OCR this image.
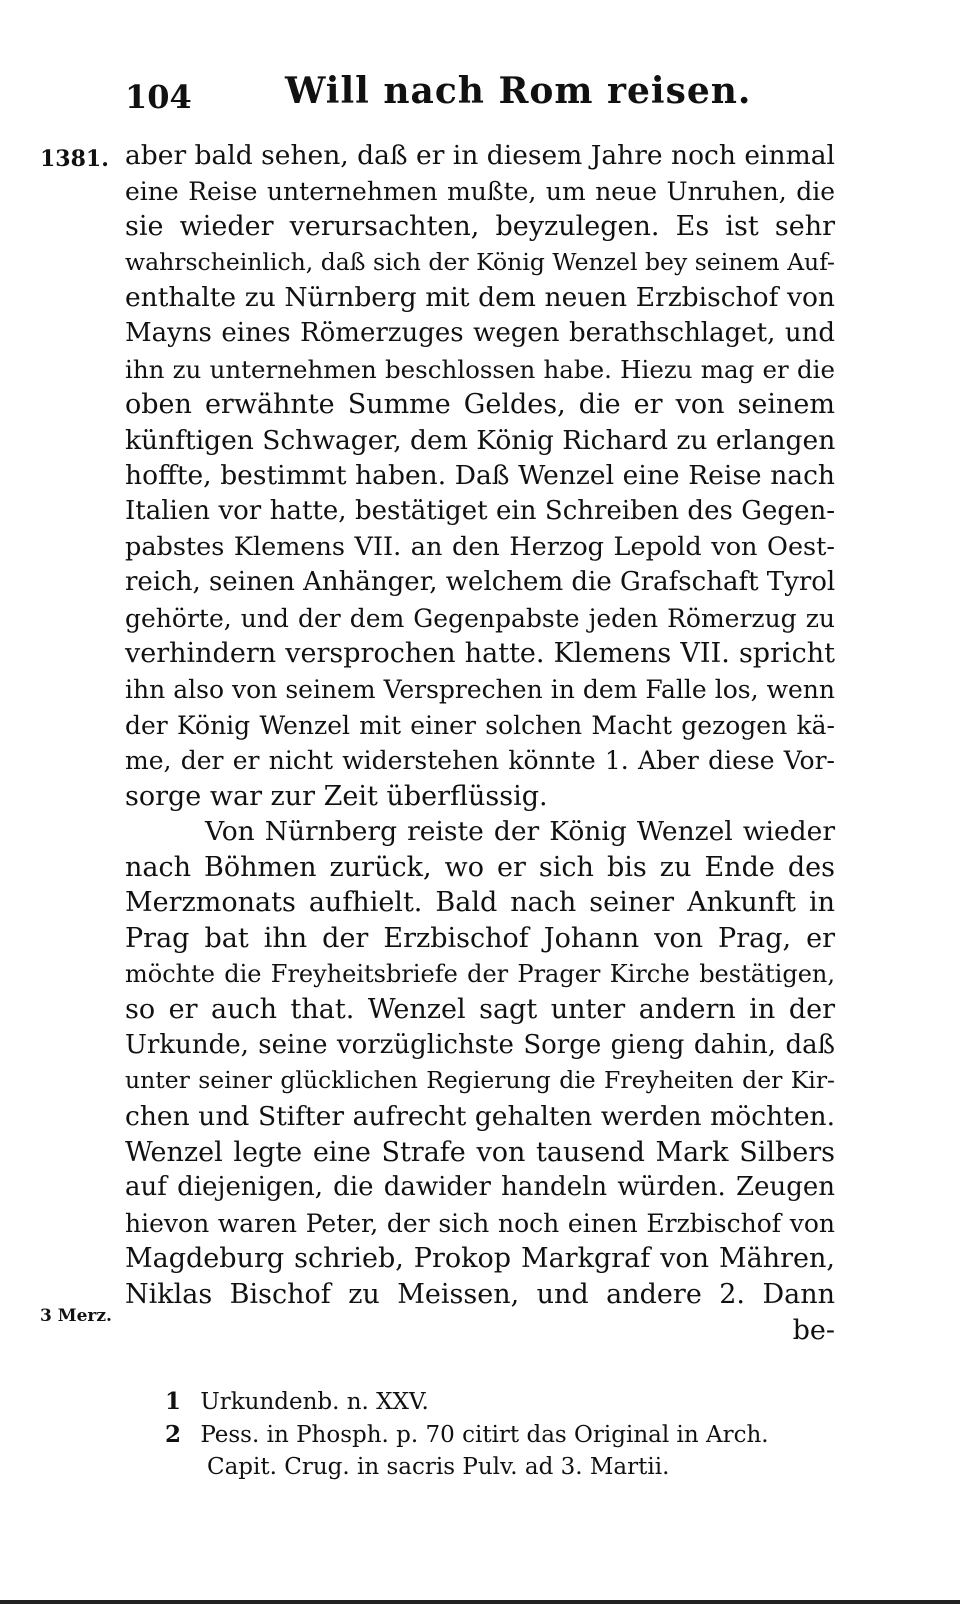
104	Will nach Rom reisen.
1381.
3 Merz.
aber bald sehen, daß er in diesem Jahre noch einmal
eine Reise unternehmen mußte, um neue Unruhen, die
sie wieder verursachten, beyzulegen. Es ist sehr
wahrscheinlich, daß sich der König Wenzel bey seinem Auf-
enthalte zu Nürnberg mit dem neuen Erzbischof von
Mayns eines Römerzuges wegen berathschlaget, und
ihn zu unternehmen beschlossen habe. Hiezu mag er die
oben erwähnte Summe Geldes, die er von seinem
künftigen Schwager, dem König Richard zu erlangen
hoffte, bestimmt haben. Daß Wenzel eine Reise nach
Italien vor hatte, bestätiget ein Schreiben des Gegen-
pabstes Klemens VII. an den Herzog Lepold von Oest-
reich, seinen Anhänger, welchem die Grafschaft Tyrol
gehörte, und der dem Gegenpabste jeden Römerzug zu
verhindern versprochen hatte. Klemens VII. spricht
ihn also von seinem Versprechen in dem Falle los, wenn
der König Wenzel mit einer solchen Macht gezogen kä-
me, der er nicht widerstehen könnte 1. Aber diese Vor-
sorge war zur Zeit überflüssig.
Von Nürnberg reiste der König Wenzel wieder
nach Böhmen zurück, wo er sich bis zu Ende des
Merzmonats aufhielt. Bald nach seiner Ankunft in
Prag bat ihn der Erzbischof Johann von Prag, er
möchte die Freyheitsbriefe der Prager Kirche bestätigen,
so er auch that. Wenzel sagt unter andern in der
Urkunde, seine vorzüglichste Sorge gieng dahin, daß
unter seiner glücklichen Regierung die Freyheiten der Kir-
chen und Stifter aufrecht gehalten werden möchten.
Wenzel legte eine Strafe von tausend Mark Silbers
auf diejenigen, die dawider handeln würden. Zeugen
hievon waren Peter, der sich noch einen Erzbischof von
Magdeburg schrieb, Prokop Markgraf von Mähren,
Niklas Bischof zu Meissen, und andere 2. Dann
be-
1 Urkundenb. n. XXV.
2 Pess. in Phosph. p. 70 citirt das Original in Arch.
Capit. Crug. in sacris Pulv. ad 3. Martii.
